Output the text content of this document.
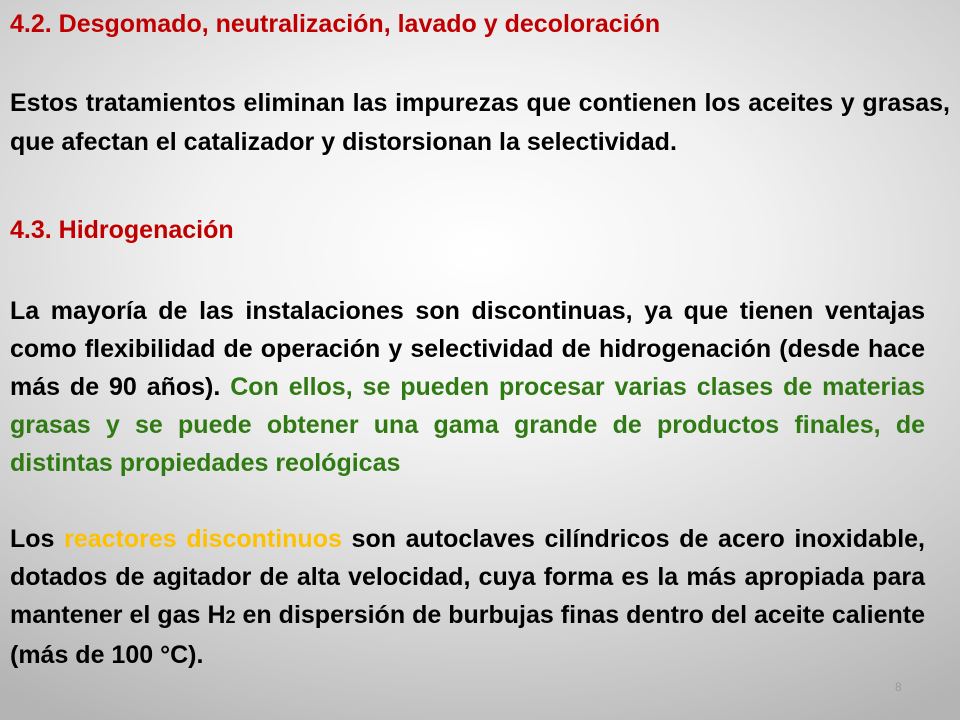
4.2. Desgomado, neutralización, lavado y decoloración

Estos tratamientos eliminan las impurezas que contienen los aceites y grasas, que afectan el catalizador y distorsionan la selectividad.

4.3. Hidrogenación

La mayoría de las instalaciones son discontinuas, ya que tienen ventajas como flexibilidad de operación y selectividad de hidrogenación (desde hace más de 90 años). Con ellos, se pueden procesar varias clases de materias grasas y se puede obtener una gama grande de productos finales, de distintas propiedades reológicas

Los reactores discontinuos son autoclaves cilíndricos de acero inoxidable, dotados de agitador de alta velocidad, cuya forma es la más apropiada para mantener el gas H2 en dispersión de burbujas finas dentro del aceite caliente (más de 100 °C).

8
